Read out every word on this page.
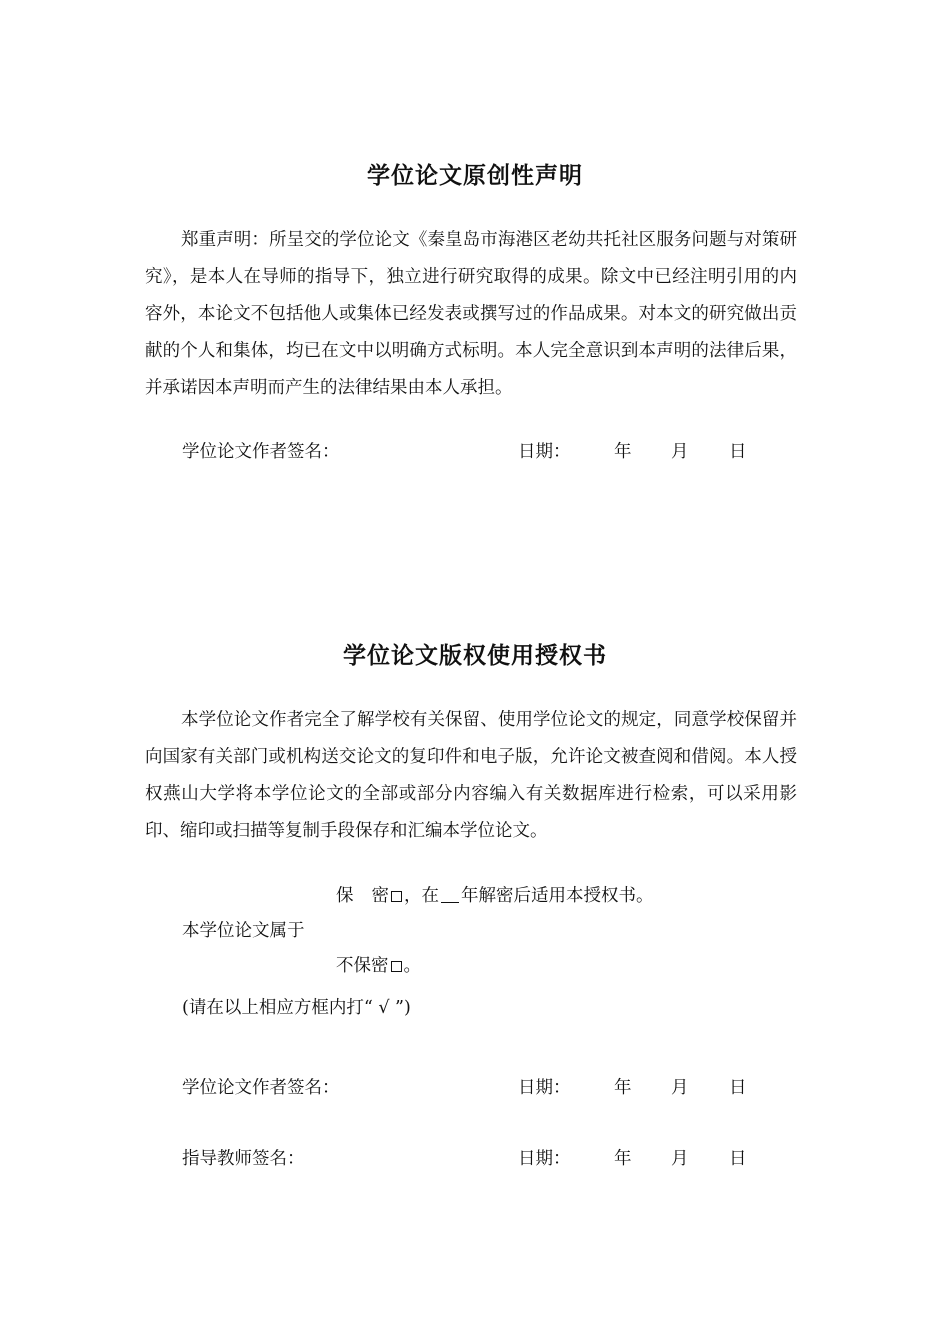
学位论文原创性声明

郑重声明：所呈交的学位论文《秦皇岛市海港区老幼共托社区服务问题与对策研究》，是本人在导师的指导下，独立进行研究取得的成果。除文中已经注明引用的内容外，本论文不包括他人或集体已经发表或撰写过的作品成果。对本文的研究做出贡献的个人和集体，均已在文中以明确方式标明。本人完全意识到本声明的法律后果，并承诺因本声明而产生的法律结果由本人承担。

学位论文作者签名：	日期： 年 月 日
学位论文版权使用授权书

本学位论文作者完全了解学校有关保留、使用学位论文的规定，同意学校保留并向国家有关部门或机构送交论文的复印件和电子版，允许论文被查阅和借阅。本人授权燕山大学将本学位论文的全部或部分内容编入有关数据库进行检索，可以采用影印、缩印或扫描等复制手段保存和汇编本学位论文。

保 密 ，在 年解密后适用本授权书。
本学位论文属于
不保密 。
(请在以上相应方框内打“ √ ”)
学位论文作者签名：	日期： 年 月 日
指导教师签名：	日期： 年 月 日
